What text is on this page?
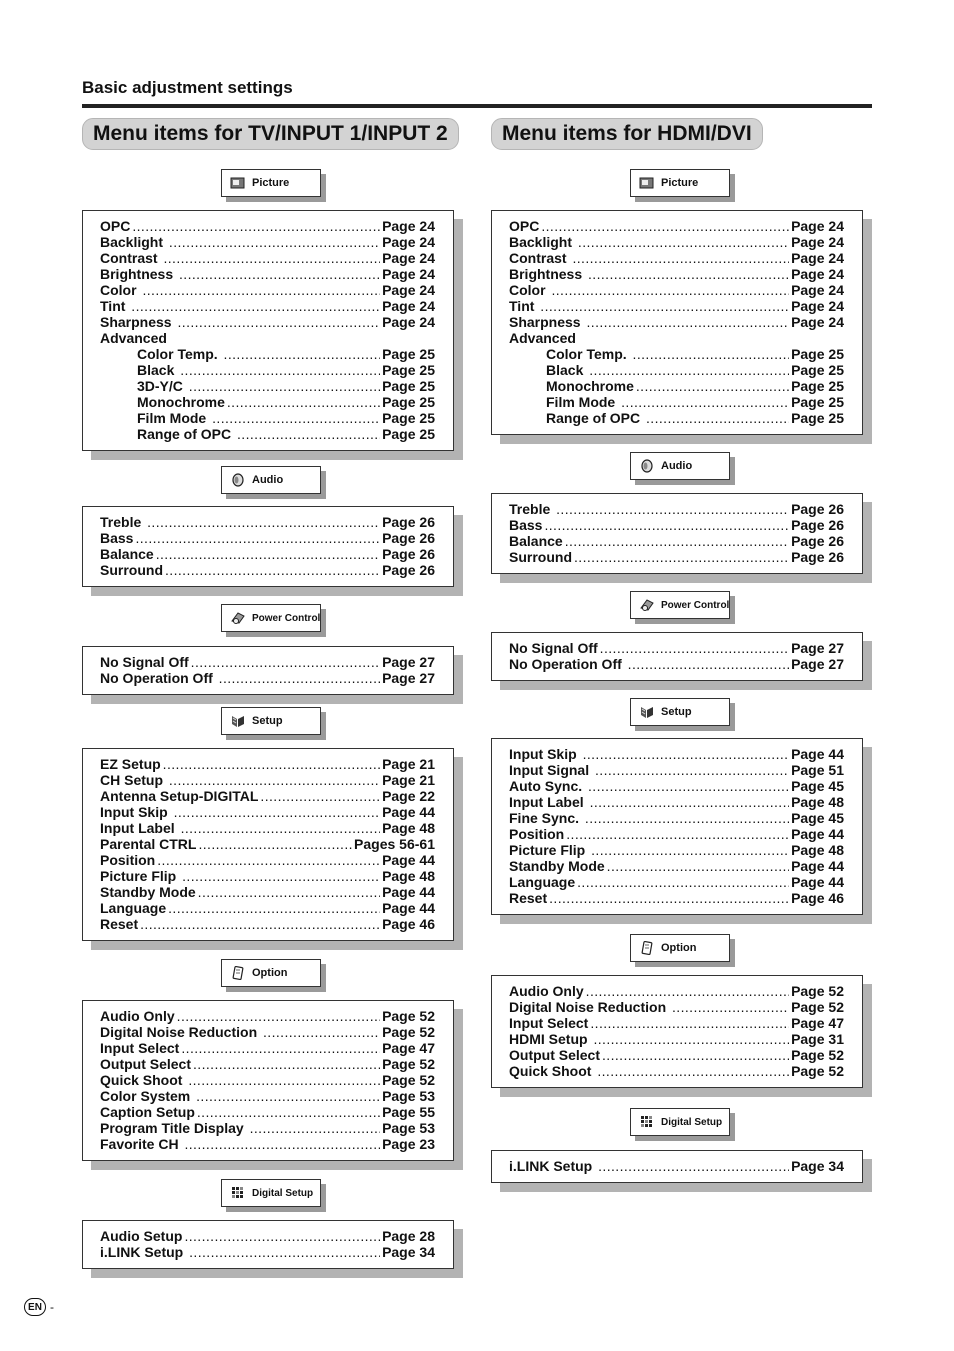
Basic adjustment settings
Menu items for TV/INPUT 1/INPUT 2	Menu items for HDMI/DVI
Picture
OPC .....	Page 24
Backlight .....	Page 24
Contrast .....	Page 24
Brightness .....	Page 24
Color .....	Page 24
Tint .....	Page 24
Sharpness .....	Page 24
Advanced
Color Temp. .....	Page 25
Black .....	Page 25
3D-Y/C .....	Page 25
Monochrome .....	Page 25
Film Mode .....	Page 25
Range of OPC .....	Page 25
Audio
Treble .....	Page 26
Bass .....	Page 26
Balance .....	Page 26
Surround .....	Page 26
Power Control
No Signal Off .....	Page 27
No Operation Off .....	Page 27
Setup
EZ Setup .....	Page 21
CH Setup .....	Page 21
Antenna Setup-DIGITAL .....	Page 22
Input Skip .....	Page 44
Input Label .....	Page 48
Parental CTRL .....	Pages 56-61
Position .....	Page 44
Picture Flip .....	Page 48
Standby Mode .....	Page 44
Language .....	Page 44
Reset .....	Page 46
Option
Audio Only .....	Page 52
Digital Noise Reduction .....	Page 52
Input Select .....	Page 47
Output Select .....	Page 52
Quick Shoot .....	Page 52
Color System .....	Page 53
Caption Setup .....	Page 55
Program Title Display .....	Page 53
Favorite CH .....	Page 23
Digital Setup
Audio Setup .....	Page 28
i.LINK Setup .....	Page 34
Picture
OPC .....	Page 24
Backlight .....	Page 24
Contrast .....	Page 24
Brightness .....	Page 24
Color .....	Page 24
Tint .....	Page 24
Sharpness .....	Page 24
Advanced
Color Temp. .....	Page 25
Black .....	Page 25
Monochrome .....	Page 25
Film Mode .....	Page 25
Range of OPC .....	Page 25
Audio
Treble .....	Page 26
Bass .....	Page 26
Balance .....	Page 26
Surround .....	Page 26
Power Control
No Signal Off .....	Page 27
No Operation Off .....	Page 27
Setup
Input Skip .....	Page 44
Input Signal .....	Page 51
Auto Sync. .....	Page 45
Input Label .....	Page 48
Fine Sync. .....	Page 45
Position .....	Page 44
Picture Flip .....	Page 48
Standby Mode .....	Page 44
Language .....	Page 44
Reset .....	Page 46
Option
Audio Only .....	Page 52
Digital Noise Reduction .....	Page 52
Input Select .....	Page 47
HDMI Setup .....	Page 31
Output Select .....	Page 52
Quick Shoot .....	Page 52
Digital Setup
i.LINK Setup .....	Page 34
EN -
